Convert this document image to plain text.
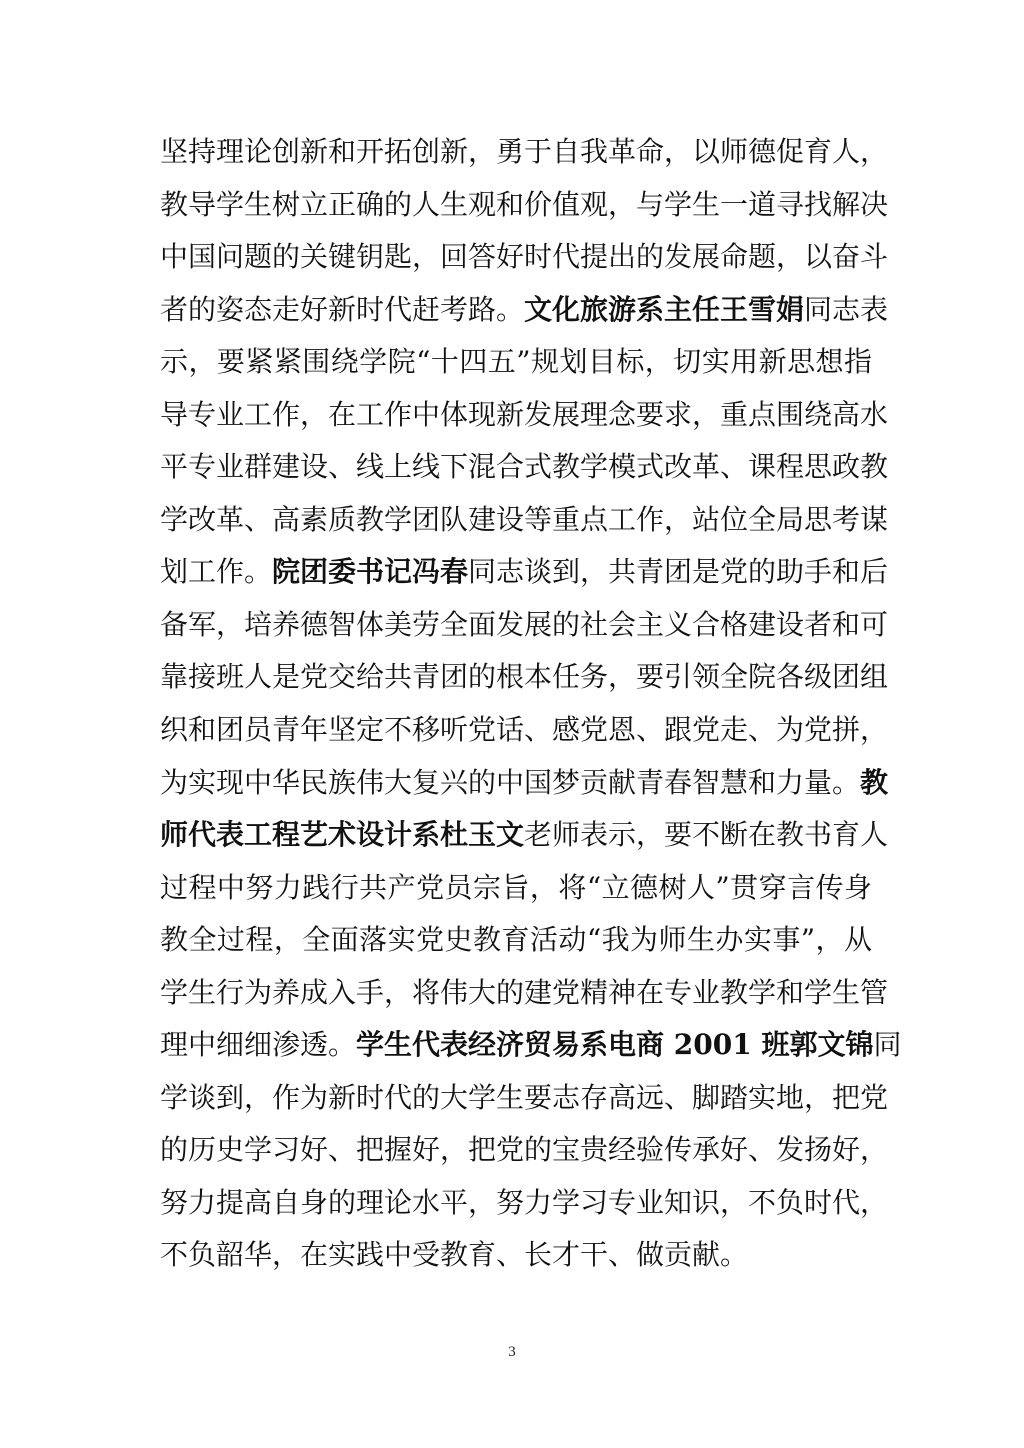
坚持理论创新和开拓创新，勇于自我革命，以师德促育人，
教导学生树立正确的人生观和价值观，与学生一道寻找解决
中国问题的关键钥匙，回答好时代提出的发展命题，以奋斗
者的姿态走好新时代赶考路。文化旅游系主任王雪娟同志表
示，要紧紧围绕学院“十四五”规划目标，切实用新思想指
导专业工作，在工作中体现新发展理念要求，重点围绕高水
平专业群建设、线上线下混合式教学模式改革、课程思政教
学改革、高素质教学团队建设等重点工作，站位全局思考谋
划工作。院团委书记冯春同志谈到，共青团是党的助手和后
备军，培养德智体美劳全面发展的社会主义合格建设者和可
靠接班人是党交给共青团的根本任务，要引领全院各级团组
织和团员青年坚定不移听党话、感党恩、跟党走、为党拼，
为实现中华民族伟大复兴的中国梦贡献青春智慧和力量。教
师代表工程艺术设计系杜玉文老师表示，要不断在教书育人
过程中努力践行共产党员宗旨，将“立德树人”贯穿言传身
教全过程，全面落实党史教育活动“我为师生办实事”，从
学生行为养成入手，将伟大的建党精神在专业教学和学生管
理中细细渗透。学生代表经济贸易系电商 2001 班郭文锦同
学谈到，作为新时代的大学生要志存高远、脚踏实地，把党
的历史学习好、把握好，把党的宝贵经验传承好、发扬好，
努力提高自身的理论水平，努力学习专业知识，不负时代，
不负韶华，在实践中受教育、长才干、做贡献。
3
